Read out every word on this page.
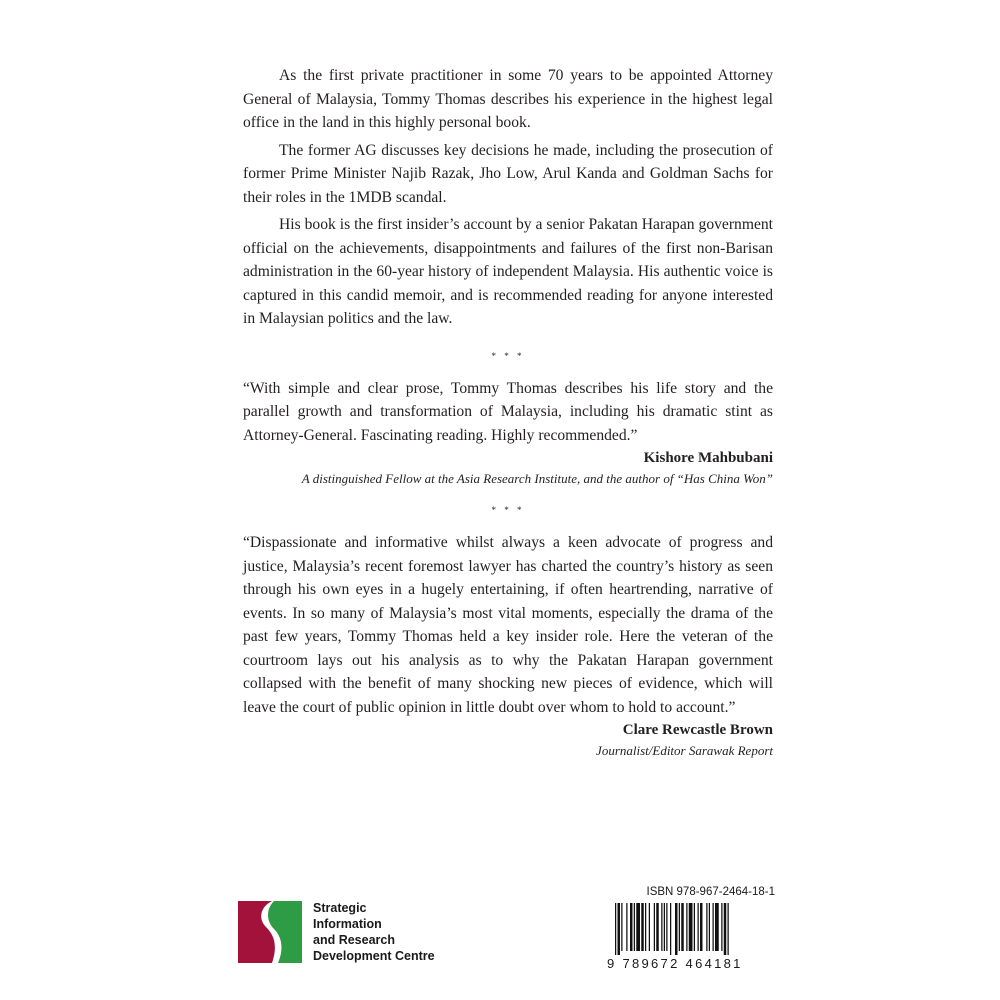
As the first private practitioner in some 70 years to be appointed Attorney General of Malaysia, Tommy Thomas describes his experience in the highest legal office in the land in this highly personal book.

The former AG discusses key decisions he made, including the prosecution of former Prime Minister Najib Razak, Jho Low, Arul Kanda and Goldman Sachs for their roles in the 1MDB scandal.

His book is the first insider’s account by a senior Pakatan Harapan government official on the achievements, disappointments and failures of the first non-Barisan administration in the 60-year history of independent Malaysia. His authentic voice is captured in this candid memoir, and is recommended reading for anyone interested in Malaysian politics and the law.

* * *

“With simple and clear prose, Tommy Thomas describes his life story and the parallel growth and transformation of Malaysia, including his dramatic stint as Attorney-General. Fascinating reading. Highly recommended.”

Kishore Mahbubani

A distinguished Fellow at the Asia Research Institute, and the author of “Has China Won”

* * *

“Dispassionate and informative whilst always a keen advocate of progress and justice, Malaysia’s recent foremost lawyer has charted the country’s history as seen through his own eyes in a hugely entertaining, if often heartrending, narrative of events. In so many of Malaysia’s most vital moments, especially the drama of the past few years, Tommy Thomas held a key insider role. Here the veteran of the courtroom lays out his analysis as to why the Pakatan Harapan government collapsed with the benefit of many shocking new pieces of evidence, which will leave the court of public opinion in little doubt over whom to hold to account.”

Clare Rewcastle Brown

Journalist/Editor Sarawak Report

Strategic
Information
and Research
Development Centre
ISBN 978-967-2464-18-1
9 789672 464181
